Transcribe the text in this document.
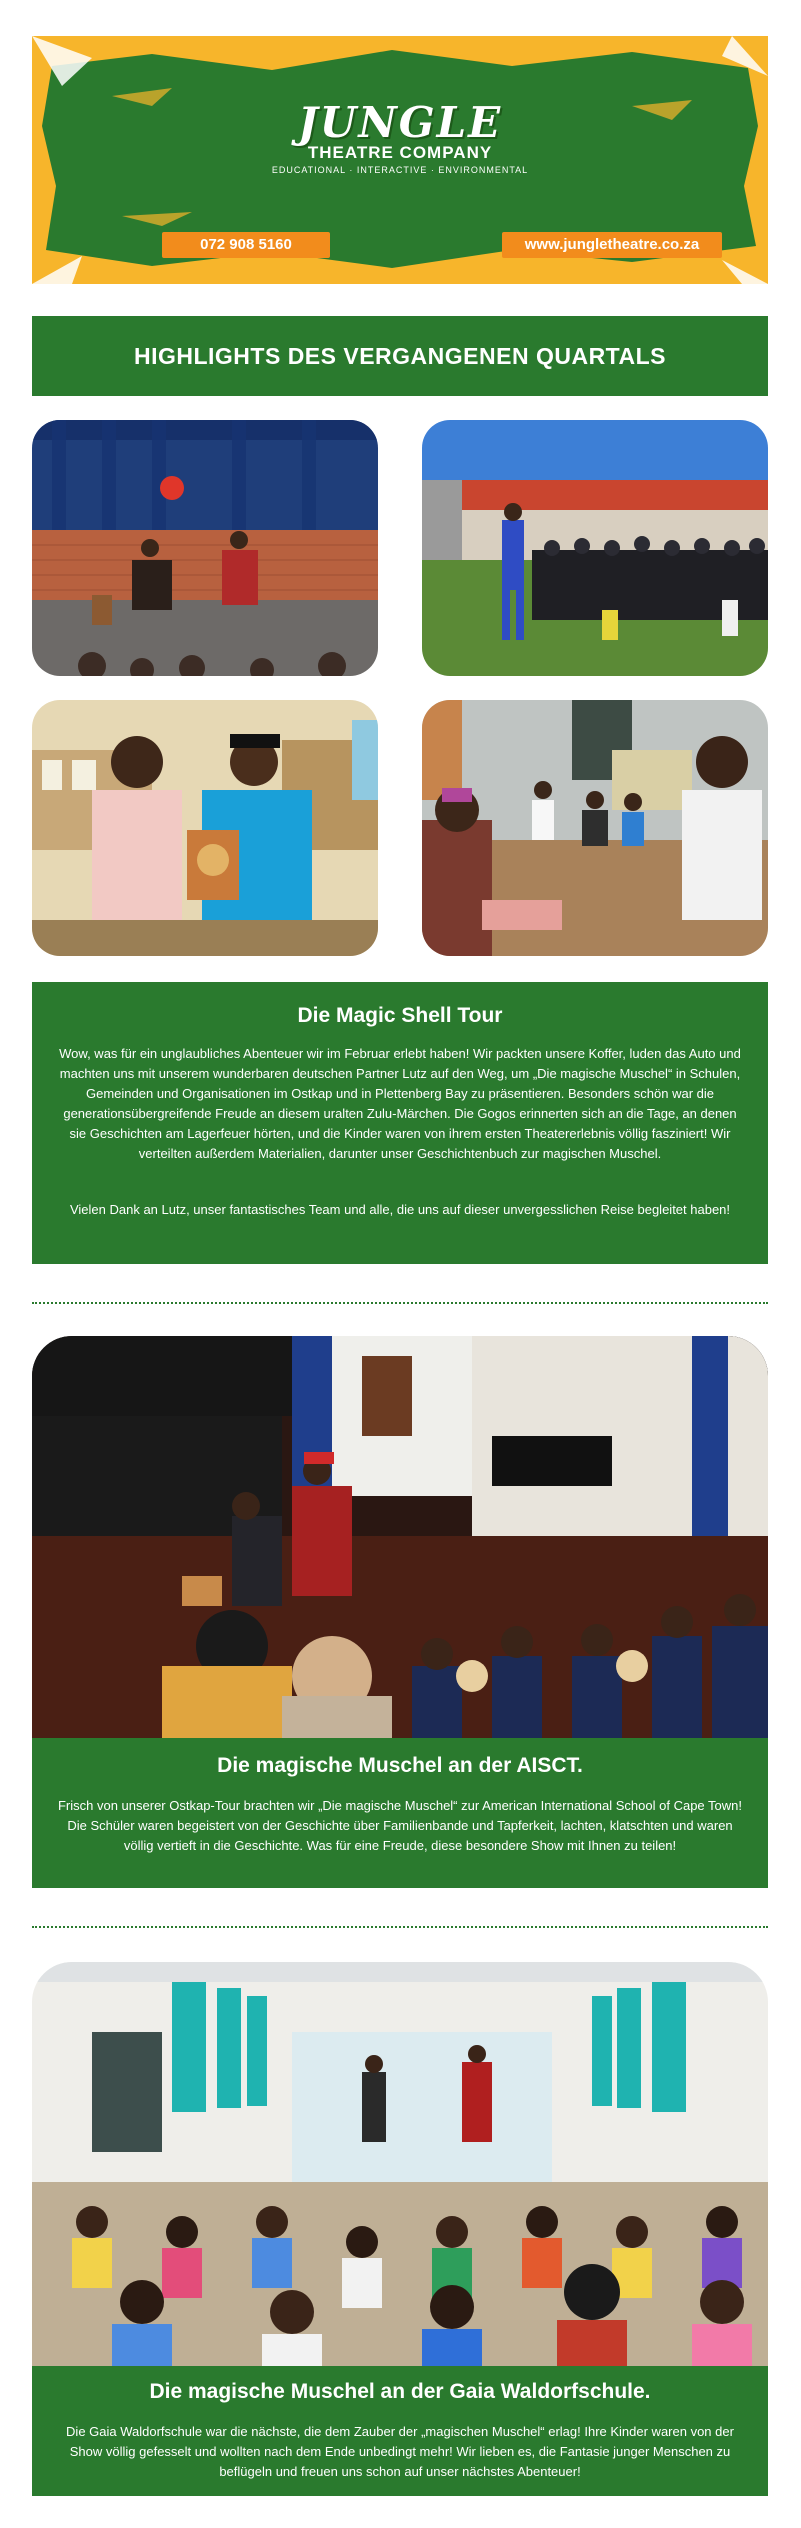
JUNGLE
THEATRE COMPANY
EDUCATIONAL · INTERACTIVE · ENVIRONMENTAL
072 908 5160	www.jungletheatre.co.za
HIGHLIGHTS DES VERGANGENEN QUARTALS
Die Magic Shell Tour

Wow, was für ein unglaubliches Abenteuer wir im Februar erlebt haben! Wir packten unsere Koffer, luden das Auto und machten uns mit unserem wunderbaren deutschen Partner Lutz auf den Weg, um „Die magische Muschel“ in Schulen, Gemeinden und Organisationen im Ostkap und in Plettenberg Bay zu präsentieren. Besonders schön war die generationsübergreifende Freude an diesem uralten Zulu-Märchen. Die Gogos erinnerten sich an die Tage, an denen sie Geschichten am Lagerfeuer hörten, und die Kinder waren von ihrem ersten Theatererlebnis völlig fasziniert! Wir verteilten außerdem Materialien, darunter unser Geschichtenbuch zur magischen Muschel.

Vielen Dank an Lutz, unser fantastisches Team und alle, die uns auf dieser unvergesslichen Reise begleitet haben!

Die magische Muschel an der AISCT.

Frisch von unserer Ostkap-Tour brachten wir „Die magische Muschel“ zur American International School of Cape Town! Die Schüler waren begeistert von der Geschichte über Familienbande und Tapferkeit, lachten, klatschten und waren völlig vertieft in die Geschichte. Was für eine Freude, diese besondere Show mit Ihnen zu teilen!

Die magische Muschel an der Gaia Waldorfschule.

Die Gaia Waldorfschule war die nächste, die dem Zauber der „magischen Muschel“ erlag! Ihre Kinder waren von der Show völlig gefesselt und wollten nach dem Ende unbedingt mehr! Wir lieben es, die Fantasie junger Menschen zu beflügeln und freuen uns schon auf unser nächstes Abenteuer!
